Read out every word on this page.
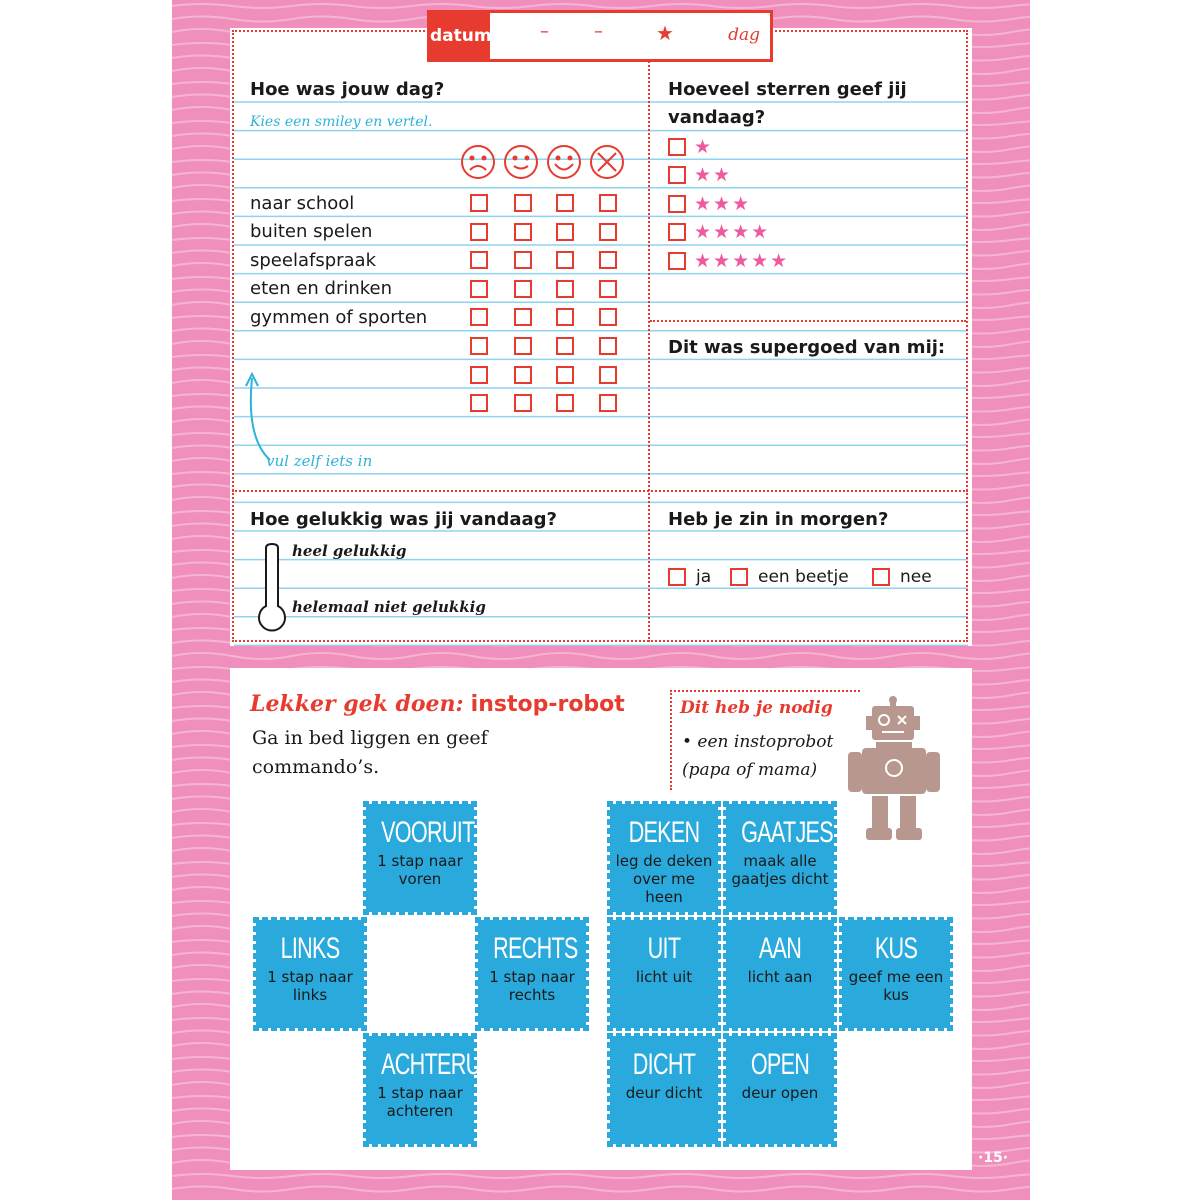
Hoe was jouw dag?
Kies een smiley en vertel.
naar school
buiten spelen
speelafspraak
eten en drinken
gymmen of sporten
vul zelf iets in
Hoeveel sterren geef jij
vandaag?
★
★★
★★★
★★★★
★★★★★
Dit was supergoed van mij:
Hoe gelukkig was jij vandaag?
heel gelukkig
helemaal niet gelukkig
Heb je zin in morgen?
ja	een beetje	nee
datum	–	–	★	dag
Lekker gek doen: instop-robot
Ga in bed liggen en geef commando’s.
Dit heb je nodig
• een instoprobot (papa of mama)
VOORUIT
1 stap naar voren
LINKS
1 stap naar links
RECHTS
1 stap naar rechts
ACHTERUIT
1 stap naar achteren
DEKEN
leg de deken over me heen
GAATJES
maak alle gaatjes dicht
UIT
licht uit
AAN
licht aan
KUS
geef me een kus
DICHT
deur dicht
OPEN
deur open
·15·
